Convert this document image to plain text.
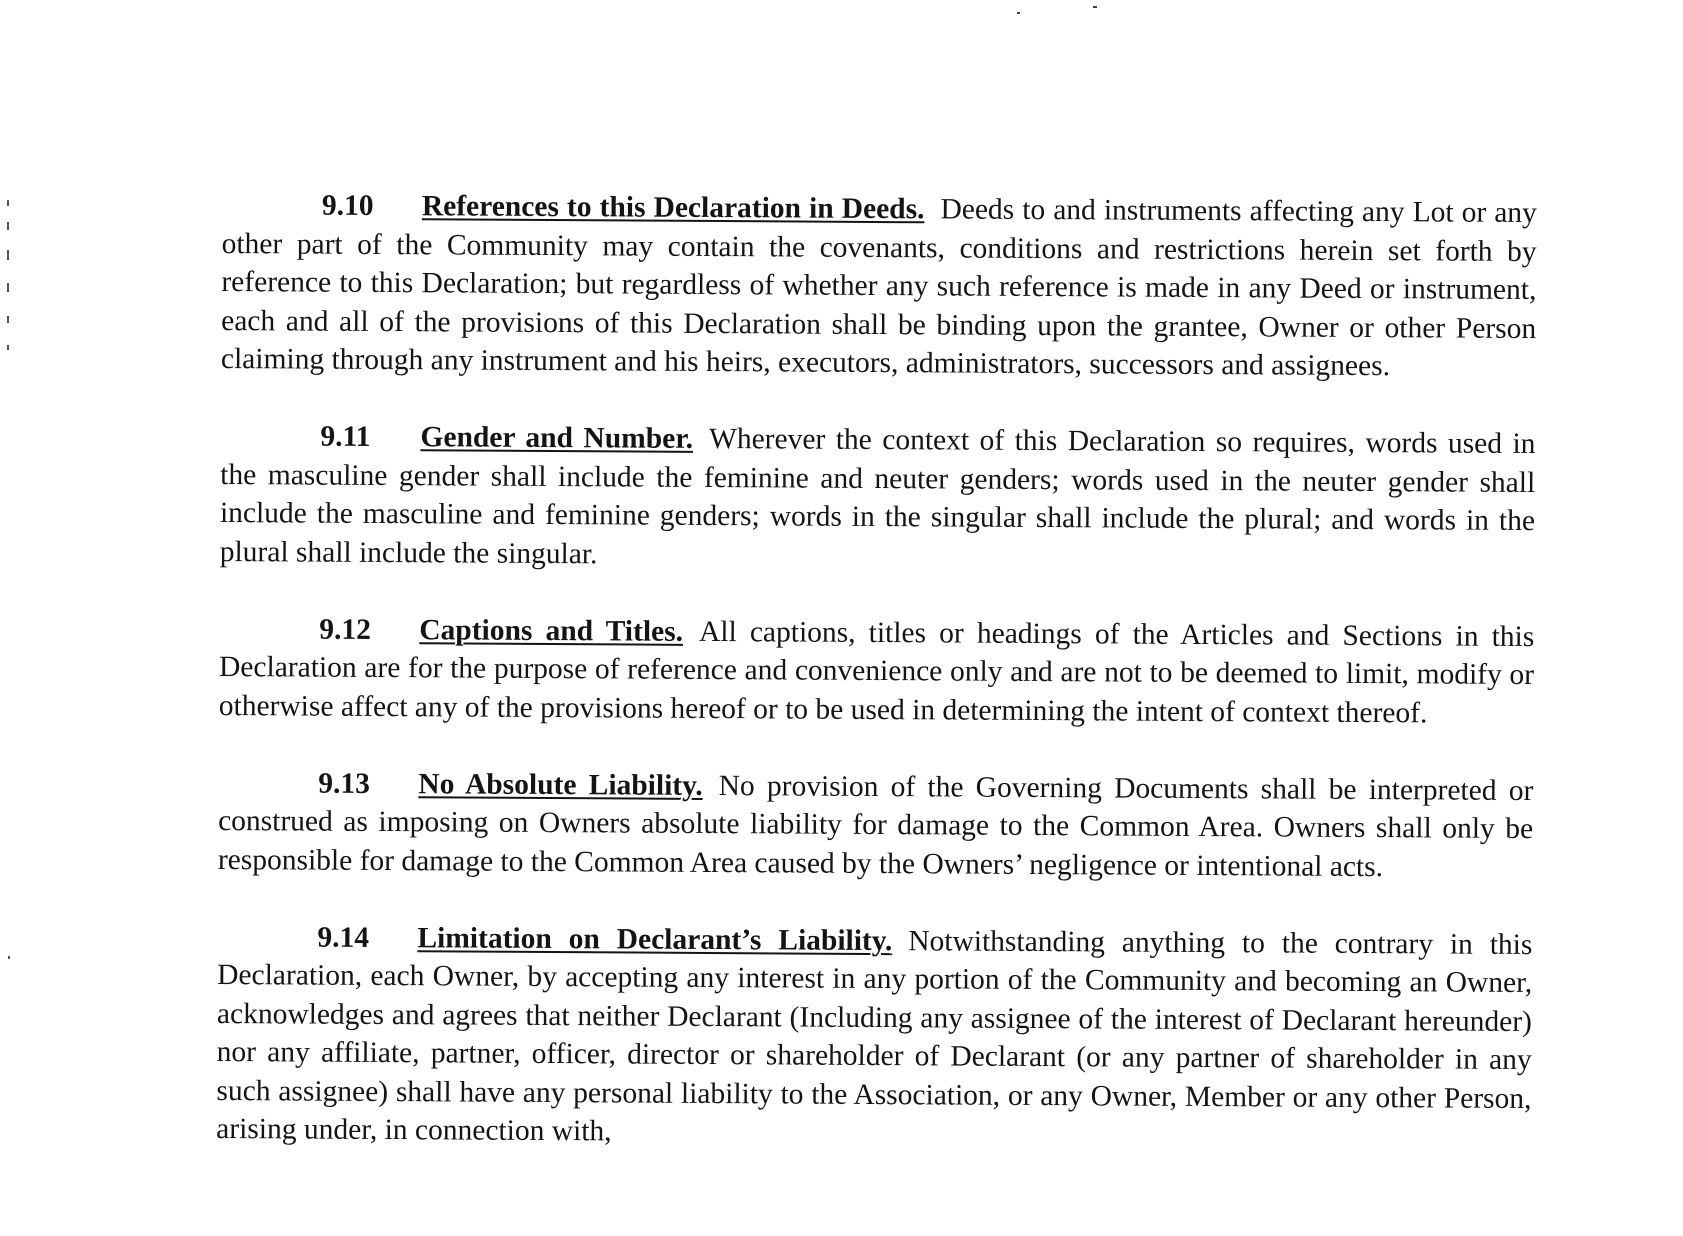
9.10 References to this Declaration in Deeds. Deeds to and instruments affecting any Lot or any other part of the Community may contain the covenants, conditions and restrictions herein set forth by reference to this Declaration; but regardless of whether any such reference is made in any Deed or instrument, each and all of the provisions of this Declaration shall be binding upon the grantee, Owner or other Person claiming through any instrument and his heirs, executors, administrators, successors and assignees.

9.11 Gender and Number. Wherever the context of this Declaration so requires, words used in the masculine gender shall include the feminine and neuter genders; words used in the neuter gender shall include the masculine and feminine genders; words in the singular shall include the plural; and words in the plural shall include the singular.

9.12 Captions and Titles. All captions, titles or headings of the Articles and Sections in this Declaration are for the purpose of reference and convenience only and are not to be deemed to limit, modify or otherwise affect any of the provisions hereof or to be used in determining the intent of context thereof.

9.13 No Absolute Liability. No provision of the Governing Documents shall be interpreted or construed as imposing on Owners absolute liability for damage to the Common Area. Owners shall only be responsible for damage to the Common Area caused by the Owners’ negligence or intentional acts.

9.14 Limitation on Declarant’s Liability. Notwithstanding anything to the contrary in this Declaration, each Owner, by accepting any interest in any portion of the Community and becoming an Owner, acknowledges and agrees that neither Declarant (Including any assignee of the interest of Declarant hereunder) nor any affiliate, partner, officer, director or shareholder of Declarant (or any partner of shareholder in any such assignee) shall have any personal liability to the Association, or any Owner, Member or any other Person, arising under, in connection with,
